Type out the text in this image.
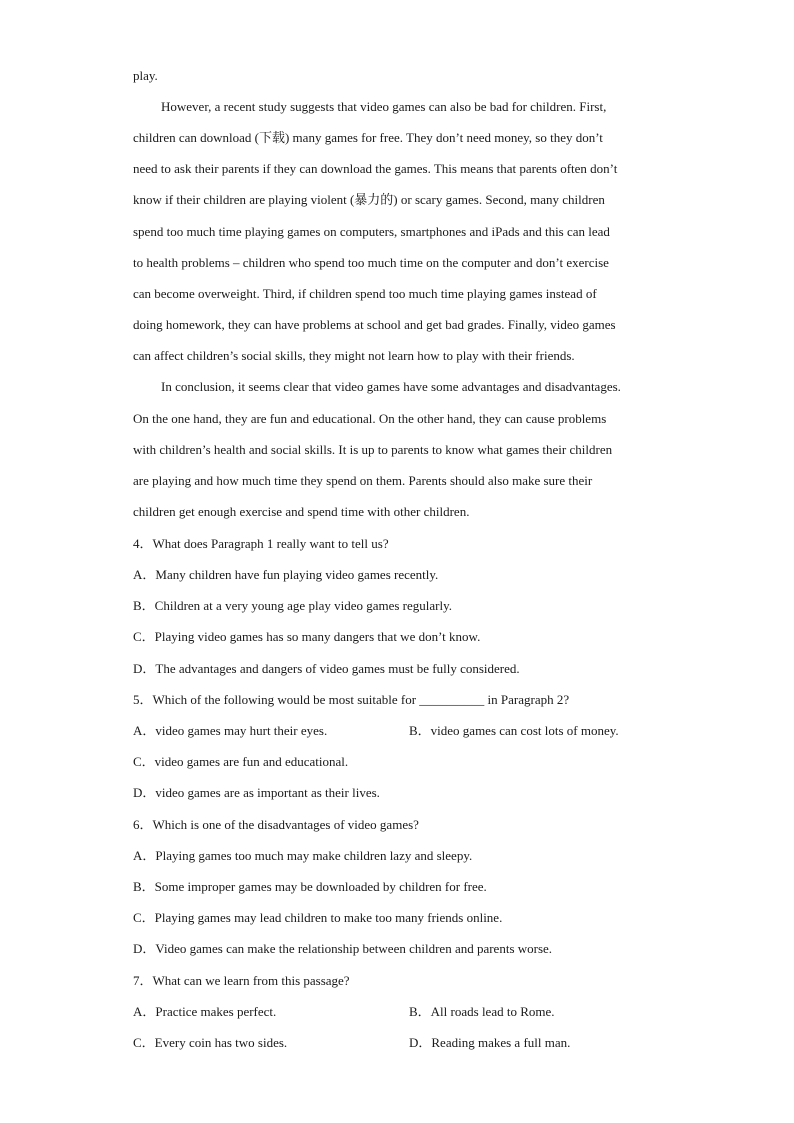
play.
However, a recent study suggests that video games can also be bad for children. First,
children can download (下载) many games for free. They don’t need money, so they don’t
need to ask their parents if they can download the games. This means that parents often don’t
know if their children are playing violent (暴力的) or scary games. Second, many children
spend too much time playing games on computers, smartphones and iPads and this can lead
to health problems – children who spend too much time on the computer and don’t exercise
can become overweight. Third, if children spend too much time playing games instead of
doing homework, they can have problems at school and get bad grades. Finally, video games
can affect children’s social skills, they might not learn how to play with their friends.
In conclusion, it seems clear that video games have some advantages and disadvantages.
On the one hand, they are fun and educational. On the other hand, they can cause problems
with children’s health and social skills. It is up to parents to know what games their children
are playing and how much time they spend on them. Parents should also make sure their
children get enough exercise and spend time with other children.
4．What does Paragraph 1 really want to tell us?
A．Many children have fun playing video games recently.
B．Children at a very young age play video games regularly.
C．Playing video games has so many dangers that we don’t know.
D．The advantages and dangers of video games must be fully considered.
5．Which of the following would be most suitable for __________ in Paragraph 2?
A．video games may hurt their eyes.	B．video games can cost lots of money.
C．video games are fun and educational.
D．video games are as important as their lives.
6．Which is one of the disadvantages of video games?
A．Playing games too much may make children lazy and sleepy.
B．Some improper games may be downloaded by children for free.
C．Playing games may lead children to make too many friends online.
D．Video games can make the relationship between children and parents worse.
7．What can we learn from this passage?
A．Practice makes perfect.	B．All roads lead to Rome.
C．Every coin has two sides.	D．Reading makes a full man.
